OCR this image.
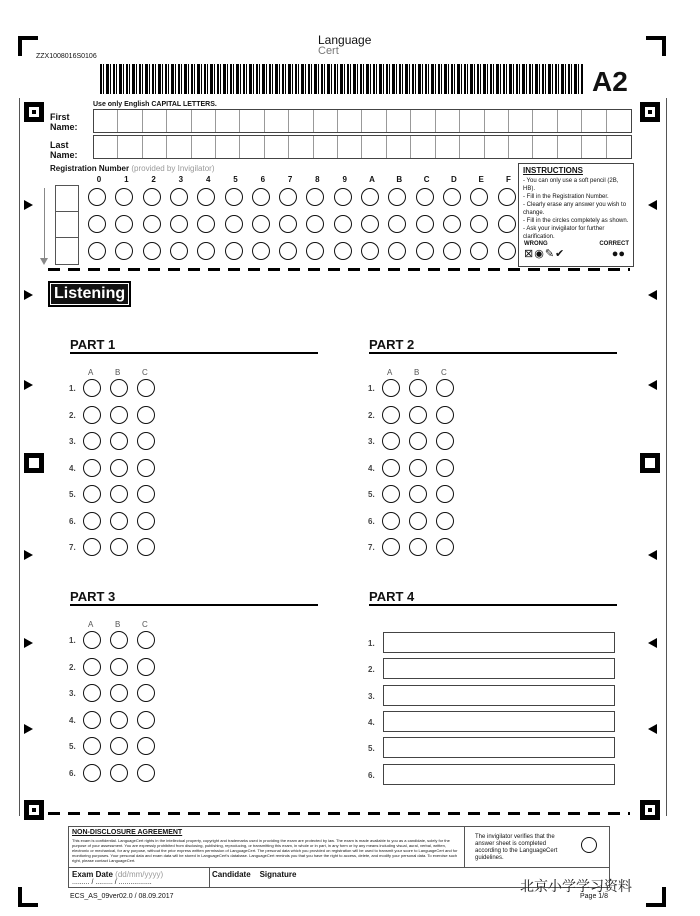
Language
Cert
ZZX1008016S0106
A2
Use only English CAPITAL LETTERS.
First
Name:
Last
Name:
Registration Number (provided by Invigilator)
0	1	2	3	4	5	6	7	8	9	A	B	C	D	E	F
INSTRUCTIONS
- You can only use a soft pencil (2B, HB).
- Fill in the Registration Number.
- Clearly erase any answer you wish to change.
- Fill in the circles completely as shown.
- Ask your invigilator for further clarification.
WRONG	CORRECT
⊠◉✎✔	●●
Listening
PART 1	PART 2
PART 3	PART 4
A	B	C
1.
2.
3.
4.
5.
6.
7.
A	B	C
1.
2.
3.
4.
5.
6.
7.
A	B	C
1.
2.
3.
4.
5.
6.
1.
2.
3.
4.
5.
6.
NON-DISCLOSURE AGREEMENT
This exam is confidential. LanguageCert rights in the intellectual property, copyright and trademarks used in providing the exam are protected by law. The exam is made available to you as a candidate, solely for the purpose of your assessment. You are expressly prohibited from disclosing, publishing, reproducing, or transmitting this exam, in whole or in part, in any form or by any means including visual, aural, verbal, written, electronic or mechanical, for any purpose, without the prior express written permission of LanguageCert. The personal data which you provided on registration will be used to transmit your score to LanguageCert and for monitoring purposes. Your personal data and exam data will be stored in LanguageCert's database. LanguageCert reminds you that you have the right to access, delete, and modify your personal data. To exercise such right, please contact LanguageCert.
The invigilator verifies that the answer sheet is completed according to the LanguageCert guidelines.
Exam Date (dd/mm/yyyy)
......... / ......... / .................
Candidate    Signature
ECS_AS_09ver02.0 / 08.09.2017	Page 1/8
北京小学学习资料
